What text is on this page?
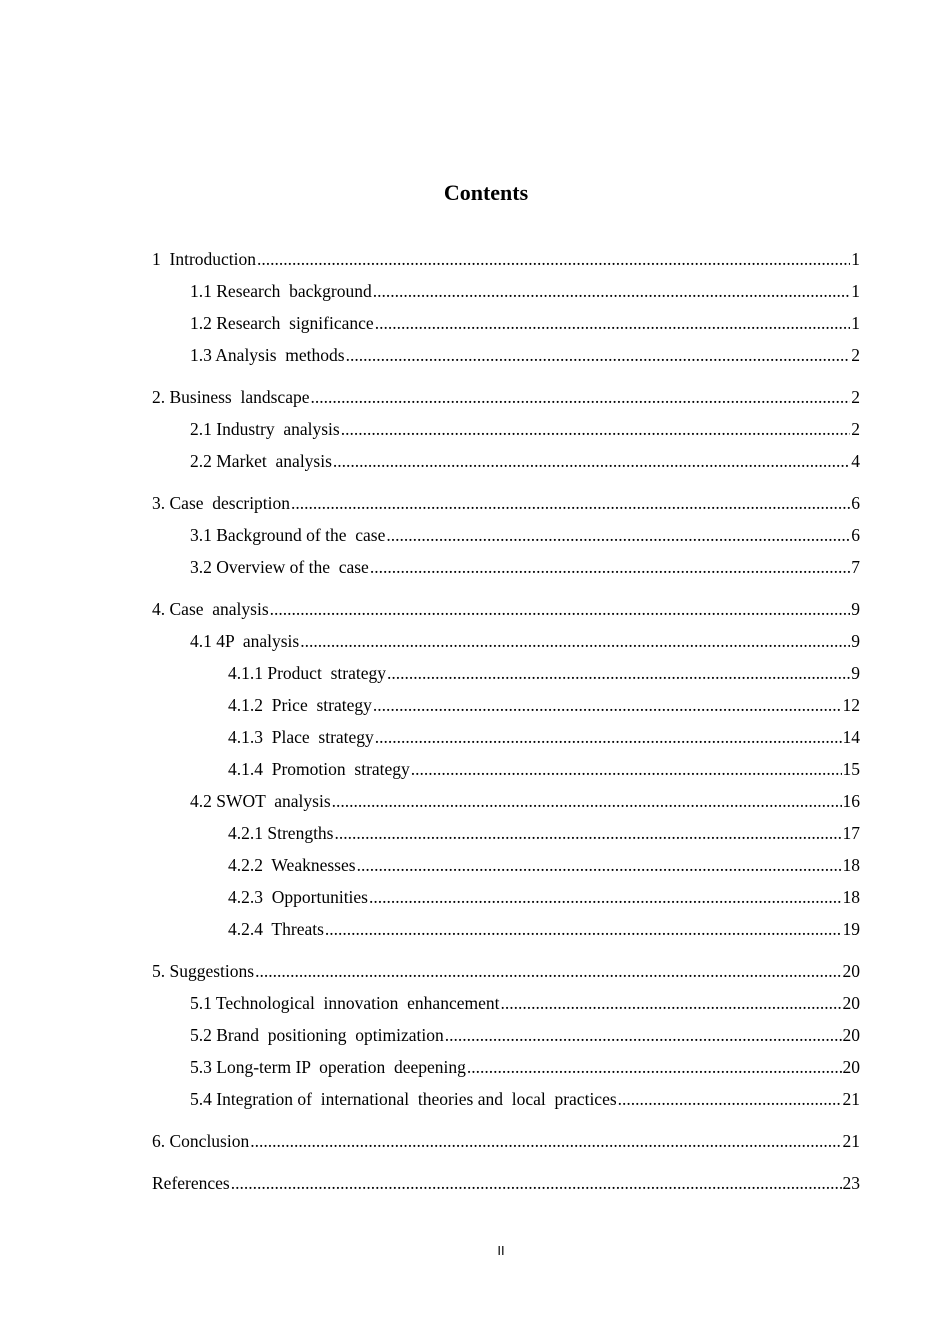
Contents
1  Introduction .....	1
1.1 Research  background .....	1
1.2 Research  significance .....	1
1.3 Analysis  methods .....	2
2. Business  landscape .....	2
2.1 Industry  analysis .....	2
2.2 Market  analysis .....	4
3. Case  description .....	6
3.1 Background of the  case .....	6
3.2 Overview of the  case .....	7
4. Case  analysis .....	9
4.1 4P  analysis .....	9
4.1.1 Product  strategy .....	9
4.1.2  Price  strategy .....	12
4.1.3  Place  strategy .....	14
4.1.4  Promotion  strategy .....	15
4.2 SWOT  analysis .....	16
4.2.1 Strengths .....	17
4.2.2  Weaknesses .....	18
4.2.3  Opportunities .....	18
4.2.4  Threats .....	19
5. Suggestions .....	20
5.1 Technological  innovation  enhancement .....	20
5.2 Brand  positioning  optimization .....	20
5.3 Long-term IP  operation  deepening .....	20
5.4 Integration of  international  theories and  local  practices .....	21
6. Conclusion .....	21
References .....	23
II
